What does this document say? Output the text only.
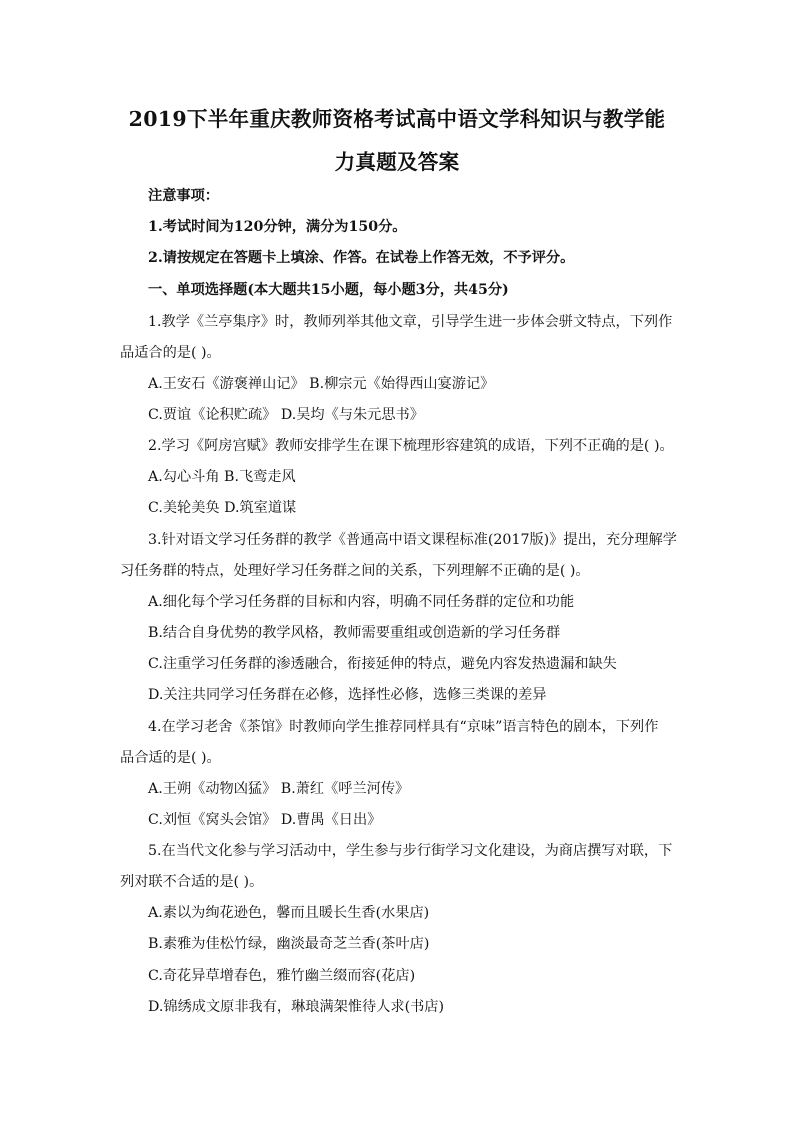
2019下半年重庆教师资格考试高中语文学科知识与教学能
力真题及答案
注意事项：
1.考试时间为120分钟，满分为150分。
2.请按规定在答题卡上填涂、作答。在试卷上作答无效，不予评分。
一、单项选择题(本大题共15小题，每小题3分，共45分)
1.教学《兰亭集序》时，教师列举其他文章，引导学生进一步体会骈文特点，下列作
品适合的是( )。
A.王安石《游褒禅山记》 B.柳宗元《始得西山宴游记》
C.贾谊《论积贮疏》 D.吴均《与朱元思书》
2.学习《阿房宫赋》教师安排学生在课下梳理形容建筑的成语，下列不正确的是( )。
A.勾心斗角 B.飞鸾走风
C.美轮美奂 D.筑室道谋
3.针对语文学习任务群的教学《普通高中语文课程标准(2017版)》提出，充分理解学
习任务群的特点，处理好学习任务群之间的关系，下列理解不正确的是( )。
A.细化每个学习任务群的目标和内容，明确不同任务群的定位和功能
B.结合自身优势的教学风格，教师需要重组或创造新的学习任务群
C.注重学习任务群的渗透融合，衔接延伸的特点，避免内容发热遗漏和缺失
D.关注共同学习任务群在必修，选择性必修，选修三类课的差异
4.在学习老舍《茶馆》时教师向学生推荐同样具有“京味”语言特色的剧本，下列作
品合适的是( )。
A.王朔《动物凶猛》 B.萧红《呼兰河传》
C.刘恒《窝头会馆》 D.曹禺《日出》
5.在当代文化参与学习活动中，学生参与步行街学习文化建设，为商店撰写对联，下
列对联不合适的是( )。
A.素以为绚花逊色，馨而且暖长生香(水果店)
B.素雅为佳松竹绿，幽淡最奇芝兰香(茶叶店)
C.奇花异草增春色，雅竹幽兰缀而容(花店)
D.锦绣成文原非我有，琳琅满架惟待人求(书店)
